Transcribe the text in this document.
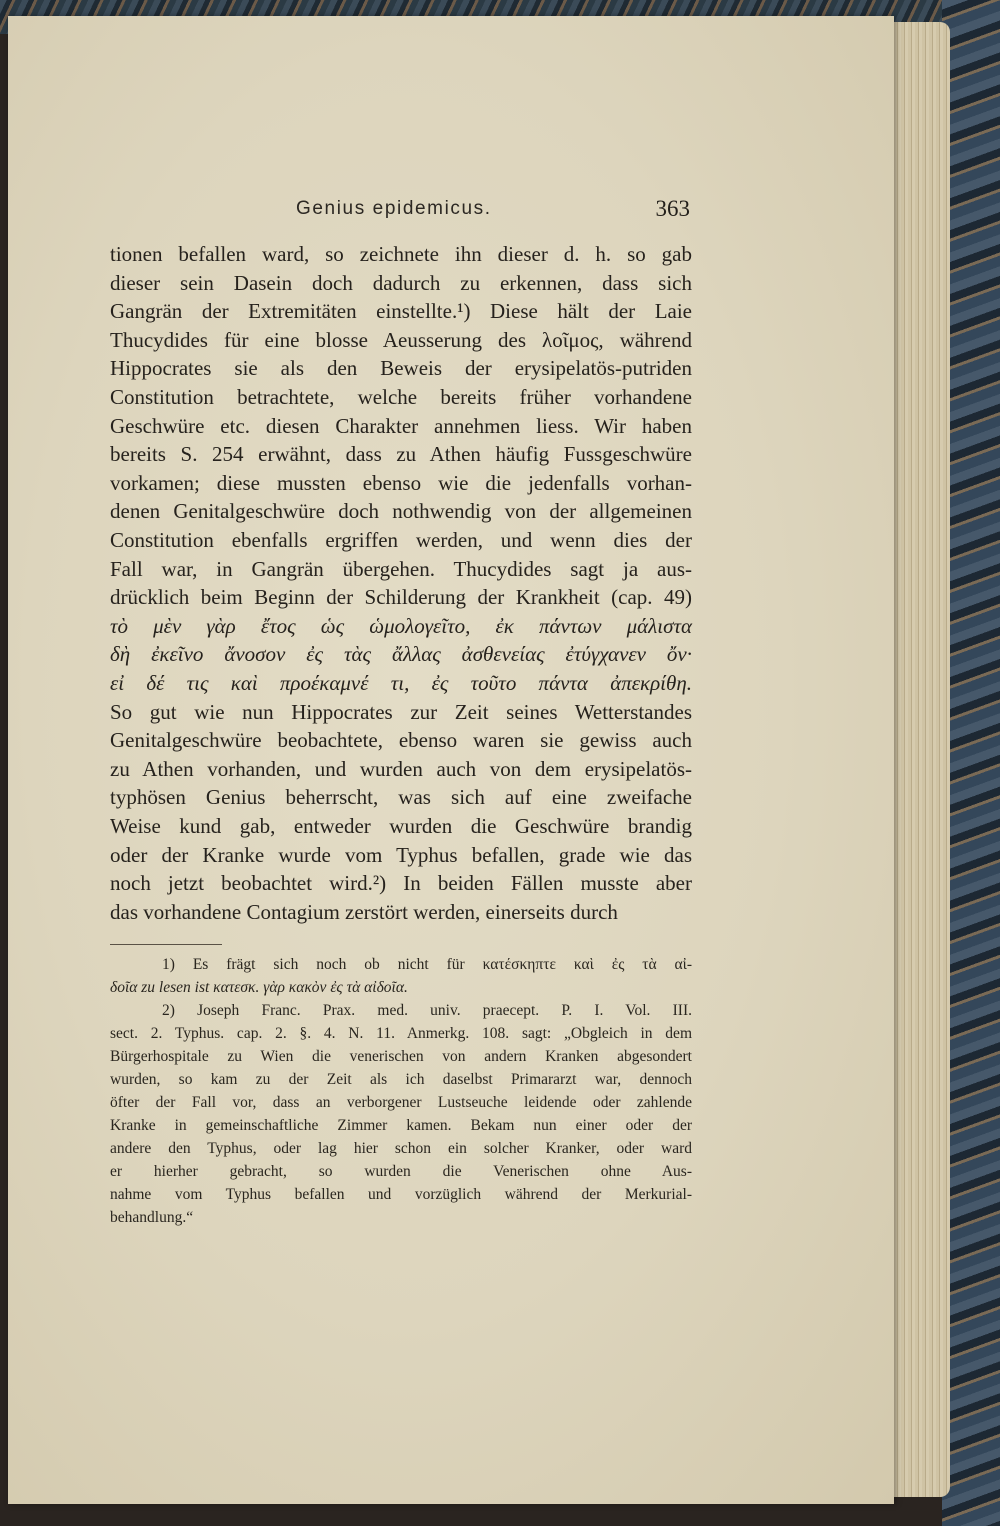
Genius epidemicus.	363
tionen befallen ward, so zeichnete ihn dieser d. h. so gab
dieser sein Dasein doch dadurch zu erkennen, dass sich
Gangrän der Extremitäten einstellte.¹) Diese hält der Laie
Thucydides für eine blosse Aeusserung des λοῖμος, während
Hippocrates sie als den Beweis der erysipelatös-putriden
Constitution betrachtete, welche bereits früher vorhandene
Geschwüre etc. diesen Charakter annehmen liess. Wir haben
bereits S. 254 erwähnt, dass zu Athen häufig Fussgeschwüre
vorkamen; diese mussten ebenso wie die jedenfalls vorhan-
denen Genitalgeschwüre doch nothwendig von der allgemeinen
Constitution ebenfalls ergriffen werden, und wenn dies der
Fall war, in Gangrän übergehen. Thucydides sagt ja aus-
drücklich beim Beginn der Schilderung der Krankheit (cap. 49)
τὸ μὲν γὰρ ἔτος ὡς ὡμολογεῖτο, ἐκ πάντων μάλιστα
δὴ ἐκεῖνο ἄνοσον ἐς τὰς ἄλλας ἀσθενείας ἐτύγχανεν ὄν·
εἰ δέ τις καὶ προέκαμνέ τι, ἐς τοῦτο πάντα ἀπεκρίθη.
So gut wie nun Hippocrates zur Zeit seines Wetterstandes
Genitalgeschwüre beobachtete, ebenso waren sie gewiss auch
zu Athen vorhanden, und wurden auch von dem erysipelatös-
typhösen Genius beherrscht, was sich auf eine zweifache
Weise kund gab, entweder wurden die Geschwüre brandig
oder der Kranke wurde vom Typhus befallen, grade wie das
noch jetzt beobachtet wird.²) In beiden Fällen musste aber
das vorhandene Contagium zerstört werden, einerseits durch
1) Es frägt sich noch ob nicht für κατέσκηπτε καὶ ἐς τὰ αἰ-
δοῖα zu lesen ist κατεσκ. γὰρ κακὸν ἐς τὰ αἰδοῖα.
2) Joseph Franc. Prax. med. univ. praecept. P. I. Vol. III.
sect. 2. Typhus. cap. 2. §. 4. N. 11. Anmerkg. 108. sagt: „Obgleich in dem
Bürgerhospitale zu Wien die venerischen von andern Kranken abgesondert
wurden, so kam zu der Zeit als ich daselbst Primararzt war, dennoch
öfter der Fall vor, dass an verborgener Lustseuche leidende oder zahlende
Kranke in gemeinschaftliche Zimmer kamen. Bekam nun einer oder der
andere den Typhus, oder lag hier schon ein solcher Kranker, oder ward
er hierher gebracht, so wurden die Venerischen ohne Aus-
nahme vom Typhus befallen und vorzüglich während der Merkurial-
behandlung.“
